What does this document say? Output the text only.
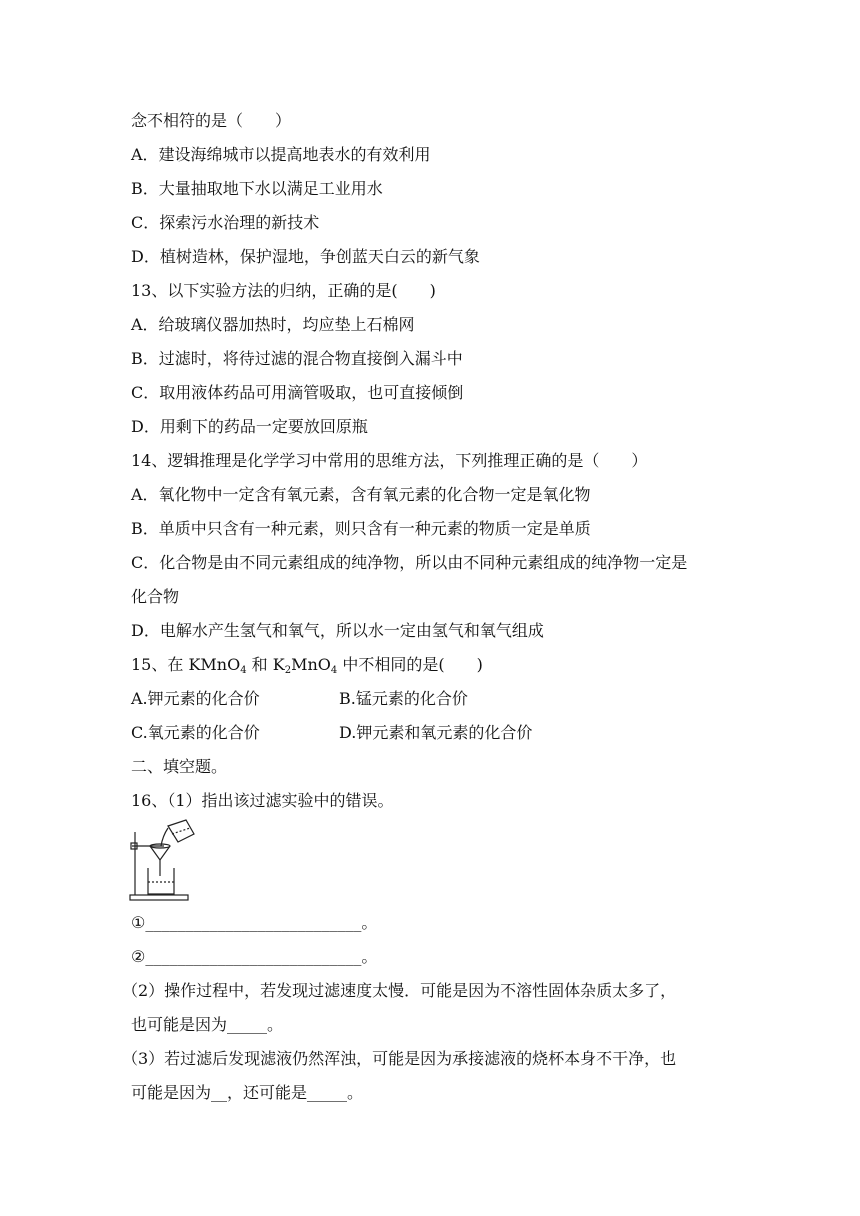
念不相符的是（　　）
A．建设海绵城市以提高地表水的有效利用
B．大量抽取地下水以满足工业用水
C．探索污水治理的新技术
D．植树造林，保护湿地，争创蓝天白云的新气象
13、以下实验方法的归纳，正确的是(　　)
A．给玻璃仪器加热时，均应垫上石棉网
B．过滤时，将待过滤的混合物直接倒入漏斗中
C．取用液体药品可用滴管吸取，也可直接倾倒
D．用剩下的药品一定要放回原瓶
14、逻辑推理是化学学习中常用的思维方法，下列推理正确的是（　　）
A．氧化物中一定含有氧元素，含有氧元素的化合物一定是氧化物
B．单质中只含有一种元素，则只含有一种元素的物质一定是单质
C．化合物是由不同元素组成的纯净物，所以由不同种元素组成的纯净物一定是
化合物
D．电解水产生氢气和氧气，所以水一定由氢气和氧气组成
15、在 KMnO$_4$ 和 $K_2MnO_4$ 中不相同的是(　　)
A.钾元素的化合价	B.锰元素的化合价
C.氧元素的化合价	D.钾元素和氧元素的化合价
二、填空题。
16、（1）指出该过滤实验中的错误。
①___________________________。
②___________________________。
（2）操作过程中，若发现过滤速度太慢．可能是因为不溶性固体杂质太多了，
也可能是因为_____。
（3）若过滤后发现滤液仍然浑浊，可能是因为承接滤液的烧杯本身不干净，也
可能是因为__，还可能是_____。
